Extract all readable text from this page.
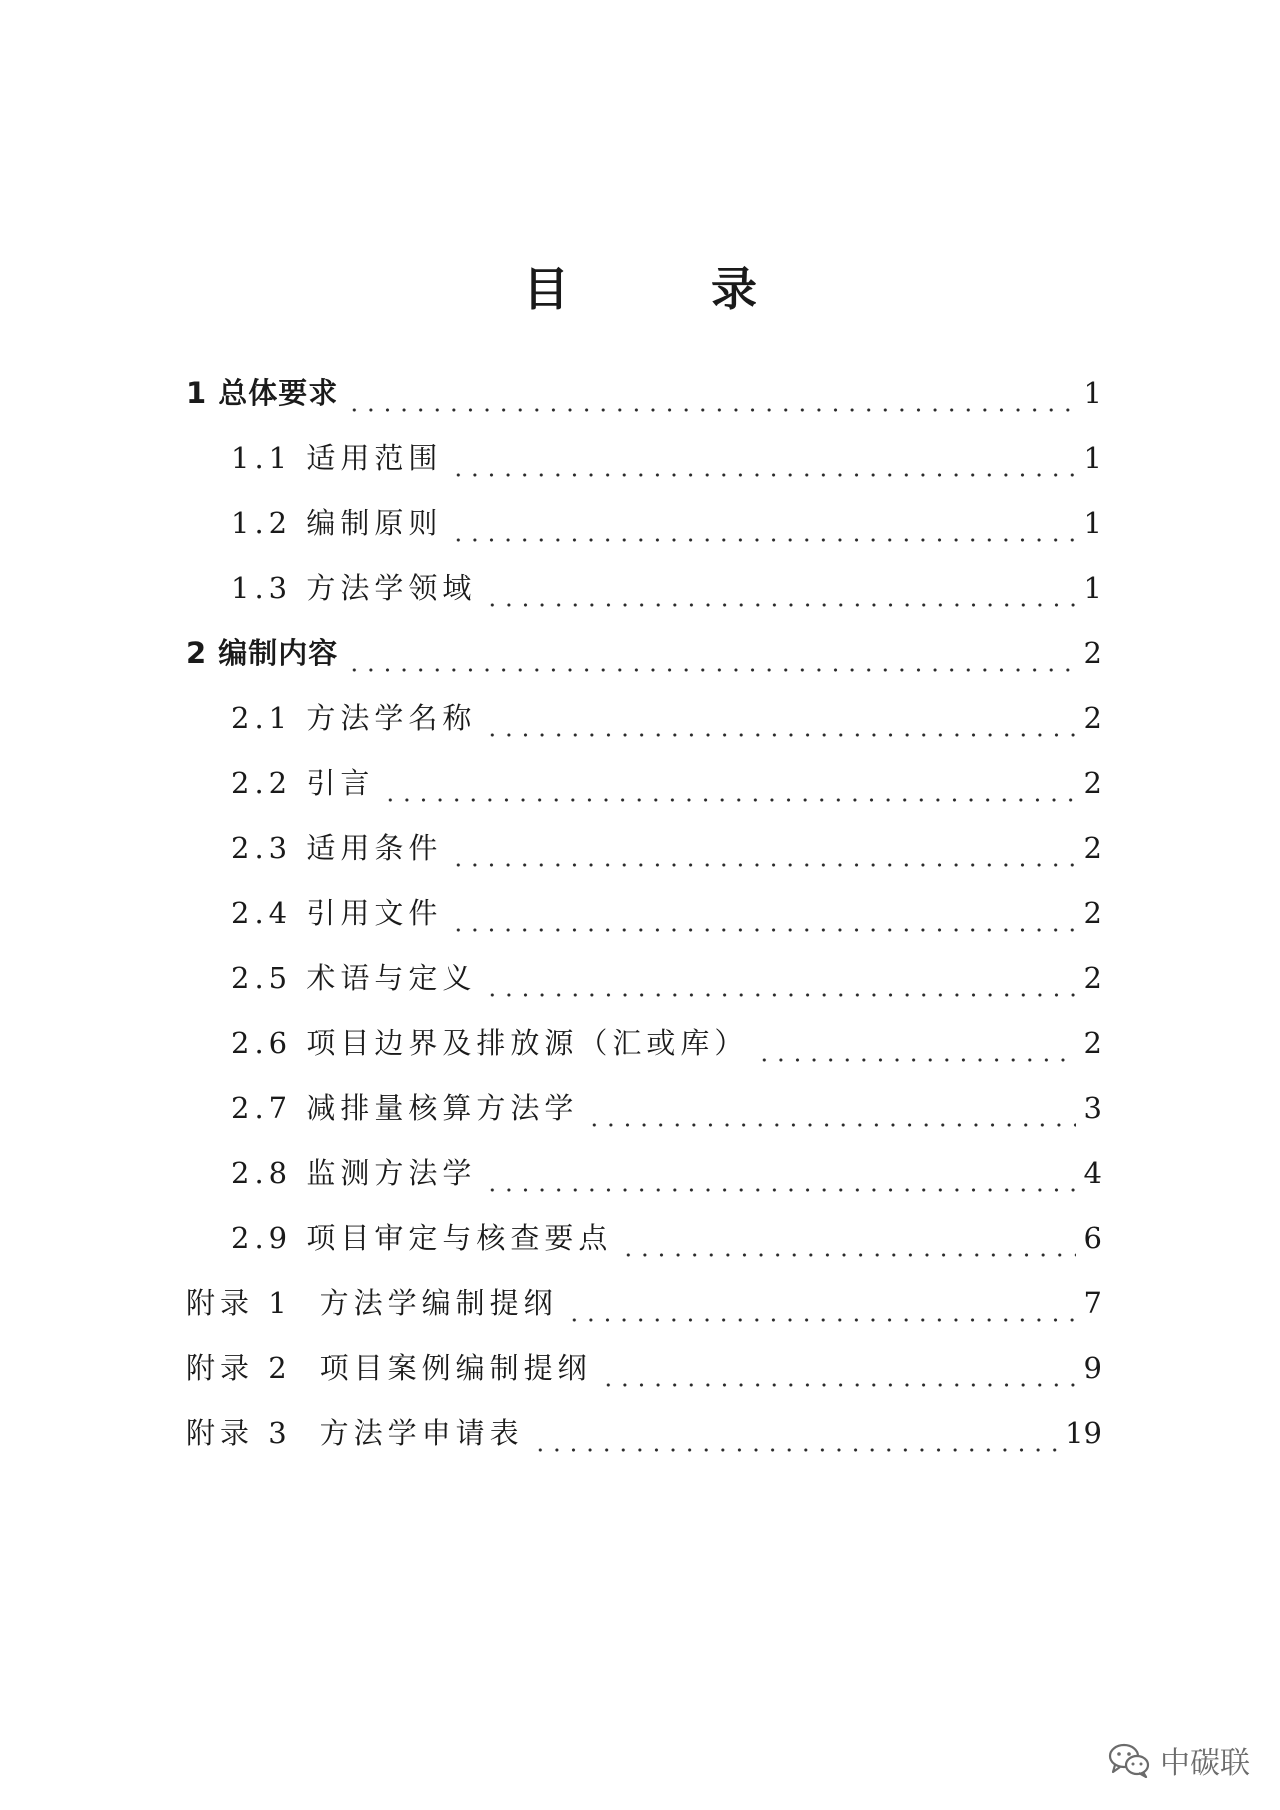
目　录
1 总体要求	1
1.1 适用范围	1
1.2 编制原则	1
1.3 方法学领域	1
2 编制内容	2
2.1 方法学名称	2
2.2 引言	2
2.3 适用条件	2
2.4 引用文件	2
2.5 术语与定义	2
2.6 项目边界及排放源（汇或库）	2
2.7 减排量核算方法学	3
2.8 监测方法学	4
2.9 项目审定与核查要点	6
附录 1 方法学编制提纲	7
附录 2 项目案例编制提纲	9
附录 3 方法学申请表	19
中碳联
